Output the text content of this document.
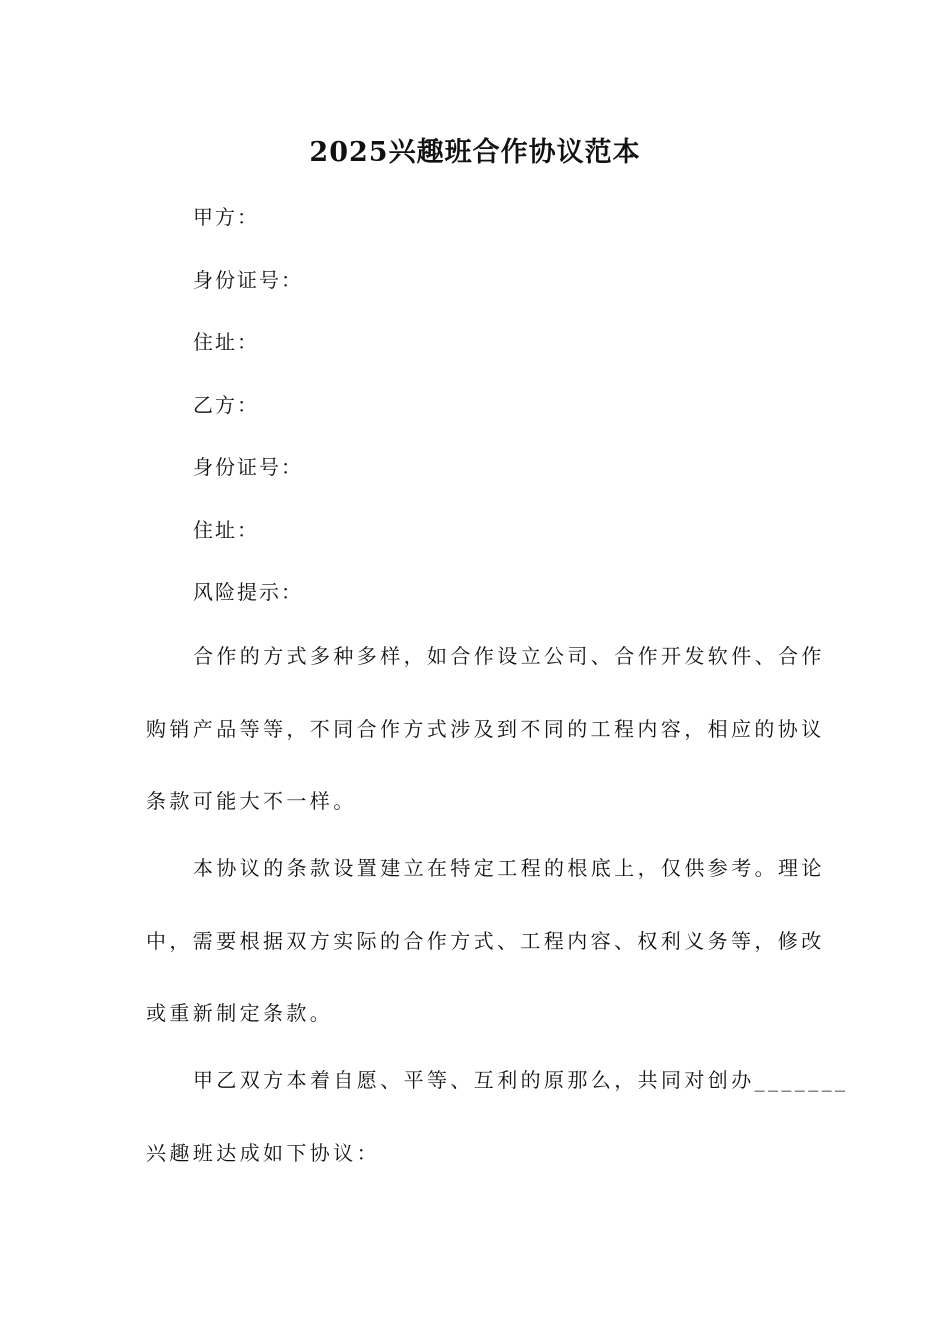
2025兴趣班合作协议范本
甲方：
身份证号：
住址：
乙方：
身份证号：
住址：
风险提示：
合作的方式多种多样，如合作设立公司、合作开发软件、合作
购销产品等等，不同合作方式涉及到不同的工程内容，相应的协议
条款可能大不一样。
本协议的条款设置建立在特定工程的根底上，仅供参考。理论
中，需要根据双方实际的合作方式、工程内容、权利义务等，修改
或重新制定条款。
甲乙双方本着自愿、平等、互利的原那么，共同对创办_______
兴趣班达成如下协议：
